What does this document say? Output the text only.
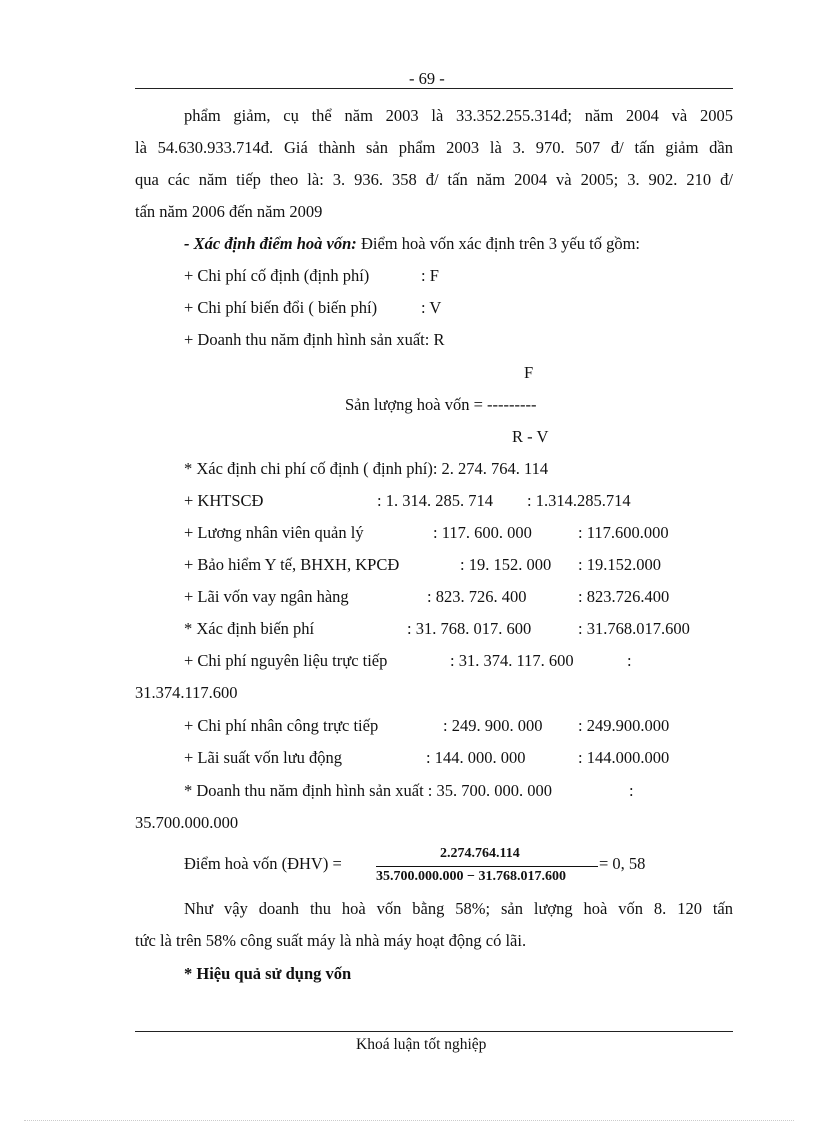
- 69 -
phẩm giảm, cụ thể năm 2003 là 33.352.255.314đ; năm 2004 và 2005
là 54.630.933.714đ. Giá thành sản phẩm 2003 là 3. 970. 507 đ/ tấn giảm dần
qua các năm tiếp theo là: 3. 936. 358 đ/ tấn năm 2004 và 2005; 3. 902. 210 đ/
tấn năm 2006 đến năm 2009
- Xác định điểm hoà vốn: Điểm hoà vốn xác định trên 3 yếu tố gồm:
+ Chi phí cố định (định phí)	: F
+ Chi phí biến đổi ( biến phí)	: V
+ Doanh thu năm định hình sản xuất: R
F
Sản lượng hoà vốn = ---------
R - V
* Xác định chi phí cố định ( định phí): 2. 274. 764. 114
+ KHTSCĐ	: 1. 314. 285. 714 : 1.314.285.714
+ Lương nhân viên quản lý	: 117. 600. 000	: 117.600.000
+ Bảo hiểm Y tế, BHXH, KPCĐ	: 19. 152. 000 : 19.152.000
+ Lãi vốn vay ngân hàng	: 823. 726. 400	: 823.726.400
* Xác định biến phí	: 31. 768. 017. 600	: 31.768.017.600
+ Chi phí nguyên liệu trực tiếp	: 31. 374. 117. 600	:
31.374.117.600
+ Chi phí nhân công trực tiếp	: 249. 900. 000 : 249.900.000
+ Lãi suất vốn lưu động	: 144. 000. 000	: 144.000.000
* Doanh thu năm định hình sản xuất : 35. 700. 000. 000	:
35.700.000.000
Điểm hoà vốn (ĐHV) =
2.274.764.114
35.700.000.000 − 31.768.017.600
= 0, 58
Như vậy doanh thu hoà vốn bằng 58%; sản lượng hoà vốn 8. 120 tấn
tức là trên 58% công suất máy là nhà máy hoạt động có lãi.
* Hiệu quả sử dụng vốn
Khoá luận tốt nghiệp
